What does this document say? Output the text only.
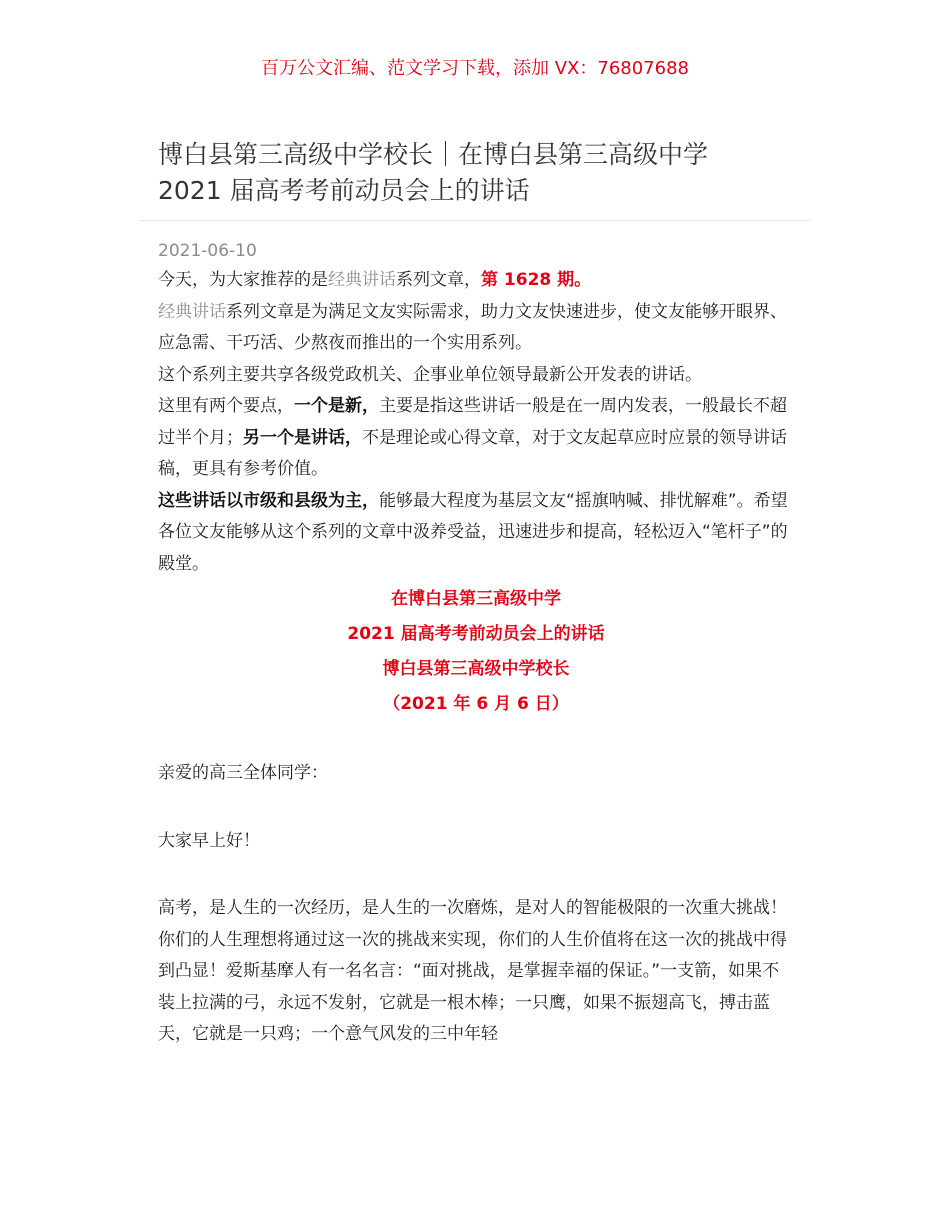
百万公文汇编、范文学习下载，添加 VX：76807688
博白县第三高级中学校长｜在博白县第三高级中学
2021 届高考考前动员会上的讲话
2021-06-10

今天，为大家推荐的是经典讲话系列文章，第 1628 期。

经典讲话系列文章是为满足文友实际需求，助力文友快速进步，使文友能够开眼界、应急需、干巧活、少熬夜而推出的一个实用系列。

这个系列主要共享各级党政机关、企事业单位领导最新公开发表的讲话。

这里有两个要点，一个是新，主要是指这些讲话一般是在一周内发表，一般最长不超过半个月；另一个是讲话，不是理论或心得文章，对于文友起草应时应景的领导讲话稿，更具有参考价值。

这些讲话以市级和县级为主，能够最大程度为基层文友“摇旗呐喊、排忧解难”。希望各位文友能够从这个系列的文章中汲养受益，迅速进步和提高，轻松迈入“笔杆子”的殿堂。

在博白县第三高级中学
2021 届高考考前动员会上的讲话
博白县第三高级中学校长
（2021 年 6 月 6 日）

亲爱的高三全体同学：

大家早上好！

高考，是人生的一次经历，是人生的一次磨炼，是对人的智能极限的一次重大挑战！你们的人生理想将通过这一次的挑战来实现，你们的人生价值将在这一次的挑战中得到凸显！爱斯基摩人有一名名言：“面对挑战，是掌握幸福的保证。”一支箭，如果不装上拉满的弓，永远不发射，它就是一根木棒；一只鹰，如果不振翅高飞，搏击蓝天，它就是一只鸡；一个意气风发的三中年轻
